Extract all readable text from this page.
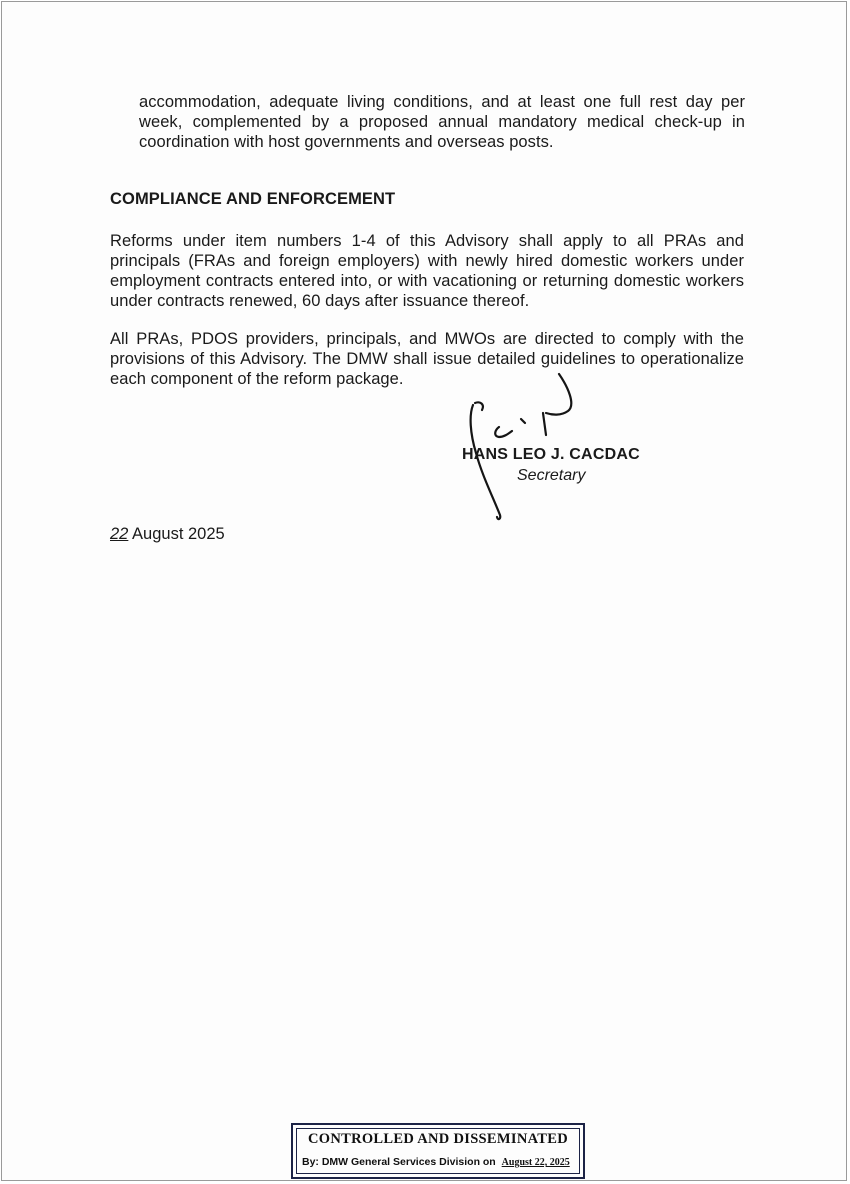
accommodation, adequate living conditions, and at least one full rest day per week, complemented by a proposed annual mandatory medical check-up in coordination with host governments and overseas posts.

COMPLIANCE AND ENFORCEMENT

Reforms under item numbers 1-4 of this Advisory shall apply to all PRAs and principals (FRAs and foreign employers) with newly hired domestic workers under employment contracts entered into, or with vacationing or returning domestic workers under contracts renewed, 60 days after issuance thereof.

All PRAs, PDOS providers, principals, and MWOs are directed to comply with the provisions of this Advisory. The DMW shall issue detailed guidelines to operationalize each component of the reform package.

HANS LEO J. CACDAC
Secretary
22 August 2025
CONTROLLED AND DISSEMINATED
By: DMW General Services Division on August 22, 2025
